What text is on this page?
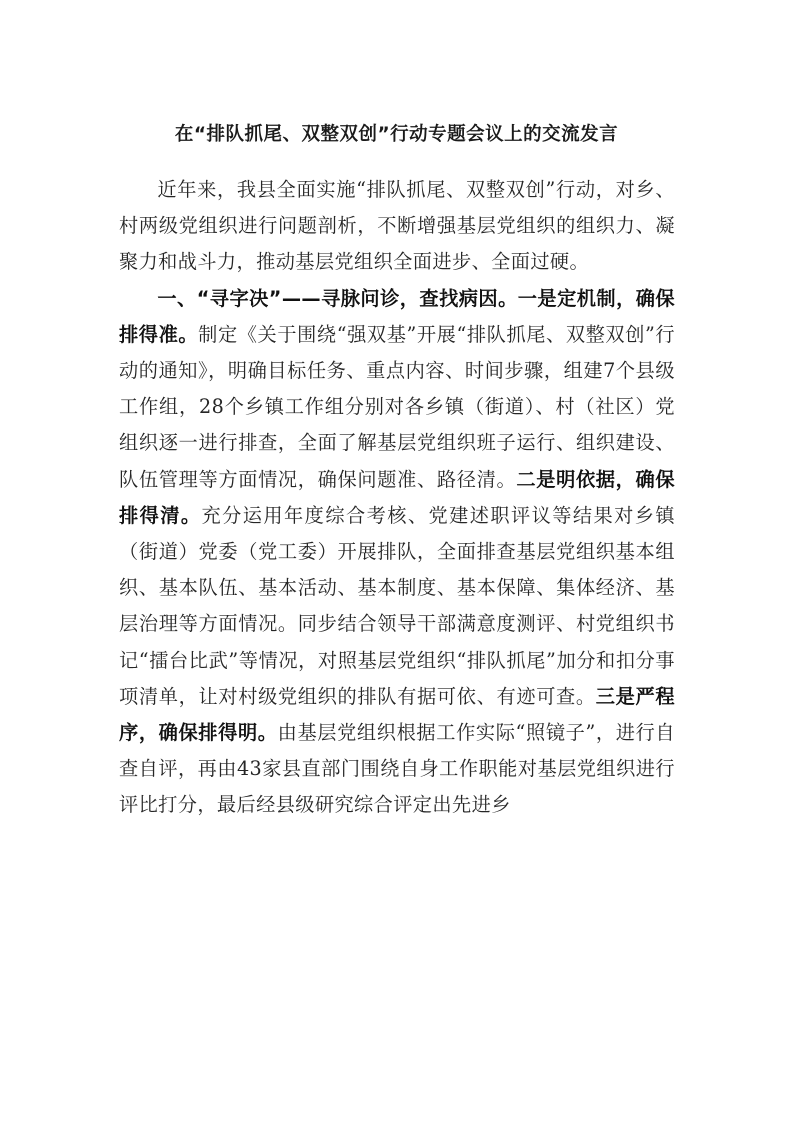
在“排队抓尾、双整双创”行动专题会议上的交流发言

近年来，我县全面实施“排队抓尾、双整双创”行动，对乡、村两级党组织进行问题剖析，不断增强基层党组织的组织力、凝聚力和战斗力，推动基层党组织全面进步、全面过硬。

一、“寻字决”——寻脉问诊，查找病因。一是定机制，确保排得准。制定《关于围绕“强双基”开展“排队抓尾、双整双创”行动的通知》，明确目标任务、重点内容、时间步骤，组建7个县级工作组，28个乡镇工作组分别对各乡镇（街道）、村（社区）党组织逐一进行排查，全面了解基层党组织班子运行、组织建设、队伍管理等方面情况，确保问题准、路径清。二是明依据，确保排得清。充分运用年度综合考核、党建述职评议等结果对乡镇（街道）党委（党工委）开展排队，全面排查基层党组织基本组织、基本队伍、基本活动、基本制度、基本保障、集体经济、基层治理等方面情况。同步结合领导干部满意度测评、村党组织书记“擂台比武”等情况，对照基层党组织“排队抓尾”加分和扣分事项清单，让对村级党组织的排队有据可依、有迹可查。三是严程序，确保排得明。由基层党组织根据工作实际“照镜子”，进行自查自评，再由43家县直部门围绕自身工作职能对基层党组织进行评比打分，最后经县级研究综合评定出先进乡
